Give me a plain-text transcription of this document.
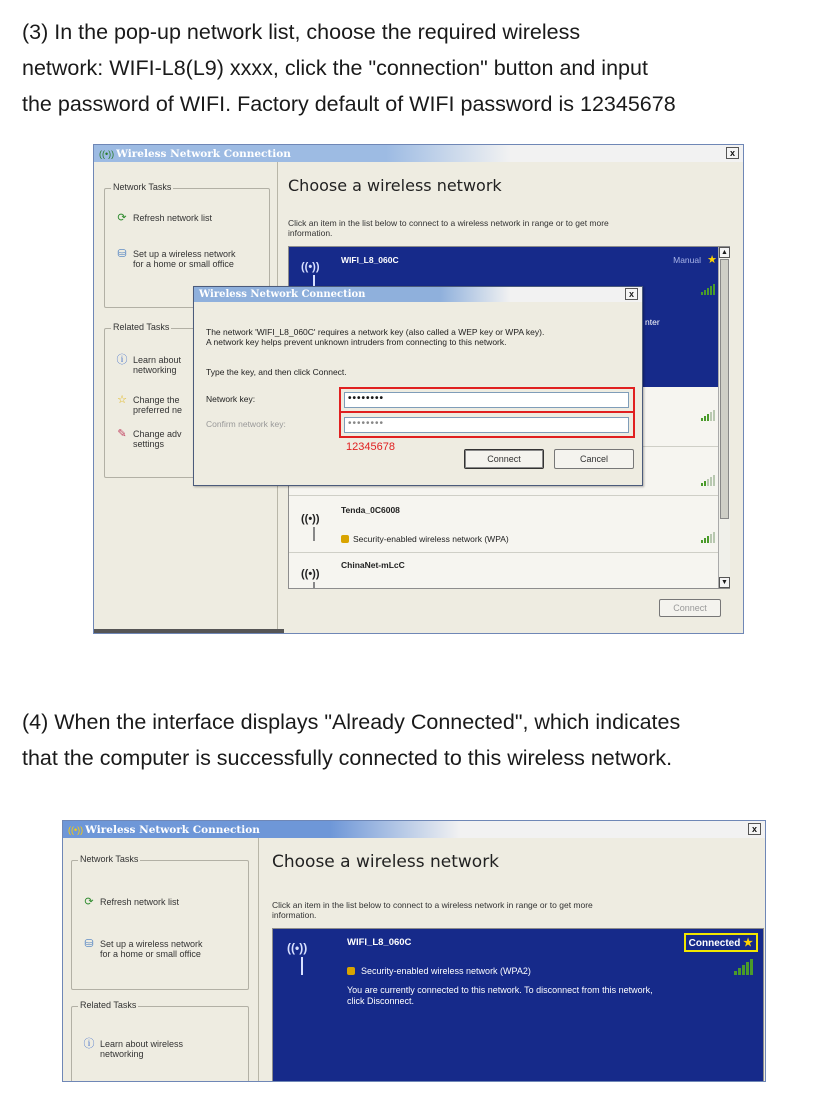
(3) In the pop-up network list, choose the required wireless
network: WIFI-L8(L9) xxxx, click the "connection" button and input
the password of WIFI. Factory default of WIFI password is 12345678
((•)) Wireless Network Connection	x
Network Tasks
⟳ Refresh network list
⛁ Set up a wireless network
for a home or small office
Related Tasks
ⓘ Learn about
networking
☆ Change the
preferred ne
✎ Change adv
settings
Choose a wireless network
Click an item in the list below to connect to a wireless network in range or to get more
information.
((•))
WIFI_L8_060C	Manual ★
nter
((•))
Tenda_0C6008
Security-enabled wireless network (WPA)
((•))
ChinaNet-mLcC
▲
▼
Connect
Wireless Network Connection	x
The network 'WIFI_L8_060C' requires a network key (also called a WEP key or WPA key).
A network key helps prevent unknown intruders from connecting to this network.
Type the key, and then click Connect.
Network key:	••••••••
Confirm network key:	••••••••
12345678
Connect	Cancel
(4) When the interface displays "Already Connected", which indicates
that the computer is successfully connected to this wireless network.
((•)) Wireless Network Connection	x
Network Tasks
⟳ Refresh network list
⛁ Set up a wireless network
for a home or small office
Related Tasks
ⓘ Learn about wireless
networking
Choose a wireless network
Click an item in the list below to connect to a wireless network in range or to get more
information.
((•))	WIFI_L8_060C	Connected ★
Security-enabled wireless network (WPA2)
You are currently connected to this network. To disconnect from this network,
click Disconnect.
